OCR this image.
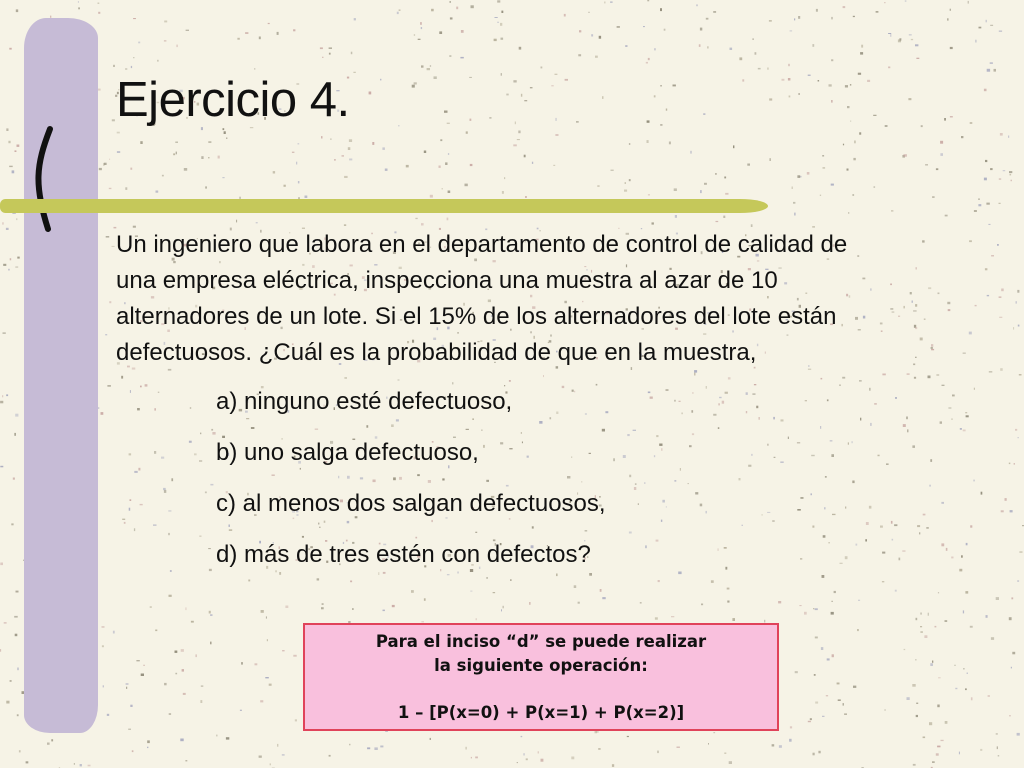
Ejercicio 4.
Un ingeniero que labora en el departamento de control de calidad de
una empresa eléctrica, inspecciona una muestra al azar de 10
alternadores de un lote. Si el 15% de los alternadores del lote están
defectuosos. ¿Cuál es la probabilidad de que en la muestra,
a) ninguno esté defectuoso,
b) uno salga defectuoso,
c) al menos dos salgan defectuosos,
d) más de tres estén con defectos?
Para el inciso “d” se puede realizar
la siguiente operación:
1 – [P(x=0) + P(x=1) + P(x=2)]
